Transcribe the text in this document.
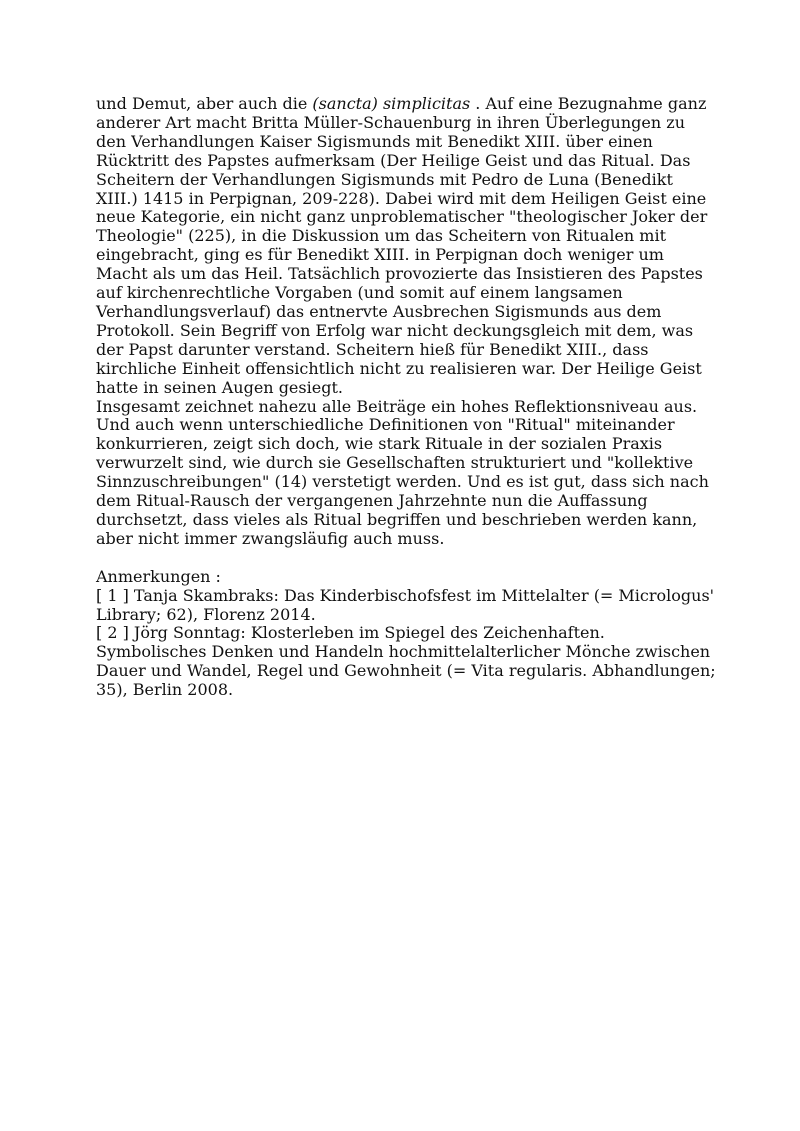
und Demut, aber auch die (sancta) simplicitas . Auf eine Bezugnahme ganz anderer Art macht Britta Müller-Schauenburg in ihren Überlegungen zu den Verhandlungen Kaiser Sigismunds mit Benedikt XIII. über einen Rücktritt des Papstes aufmerksam (Der Heilige Geist und das Ritual. Das Scheitern der Verhandlungen Sigismunds mit Pedro de Luna (Benedikt XIII.) 1415 in Perpignan, 209-228). Dabei wird mit dem Heiligen Geist eine neue Kategorie, ein nicht ganz unproblematischer "theologischer Joker der Theologie" (225), in die Diskussion um das Scheitern von Ritualen mit eingebracht, ging es für Benedikt XIII. in Perpignan doch weniger um Macht als um das Heil. Tatsächlich provozierte das Insistieren des Papstes auf kirchenrechtliche Vorgaben (und somit auf einem langsamen Verhandlungsverlauf) das entnervte Ausbrechen Sigismunds aus dem Protokoll. Sein Begriff von Erfolg war nicht deckungsgleich mit dem, was der Papst darunter verstand. Scheitern hieß für Benedikt XIII., dass kirchliche Einheit offensichtlich nicht zu realisieren war. Der Heilige Geist hatte in seinen Augen gesiegt.

Insgesamt zeichnet nahezu alle Beiträge ein hohes Reflektionsniveau aus. Und auch wenn unterschiedliche Definitionen von "Ritual" miteinander konkurrieren, zeigt sich doch, wie stark Rituale in der sozialen Praxis verwurzelt sind, wie durch sie Gesellschaften strukturiert und "kollektive Sinnzuschreibungen" (14) verstetigt werden. Und es ist gut, dass sich nach dem Ritual-Rausch der vergangenen Jahrzehnte nun die Auffassung durchsetzt, dass vieles als Ritual begriffen und beschrieben werden kann, aber nicht immer zwangsläufig auch muss.

Anmerkungen :

[ 1 ] Tanja Skambraks: Das Kinderbischofsfest im Mittelalter (= Micrologus' Library; 62), Florenz 2014.

[ 2 ] Jörg Sonntag: Klosterleben im Spiegel des Zeichenhaften. Symbolisches Denken und Handeln hochmittelalterlicher Mönche zwischen Dauer und Wandel, Regel und Gewohnheit (= Vita regularis. Abhandlungen; 35), Berlin 2008.
